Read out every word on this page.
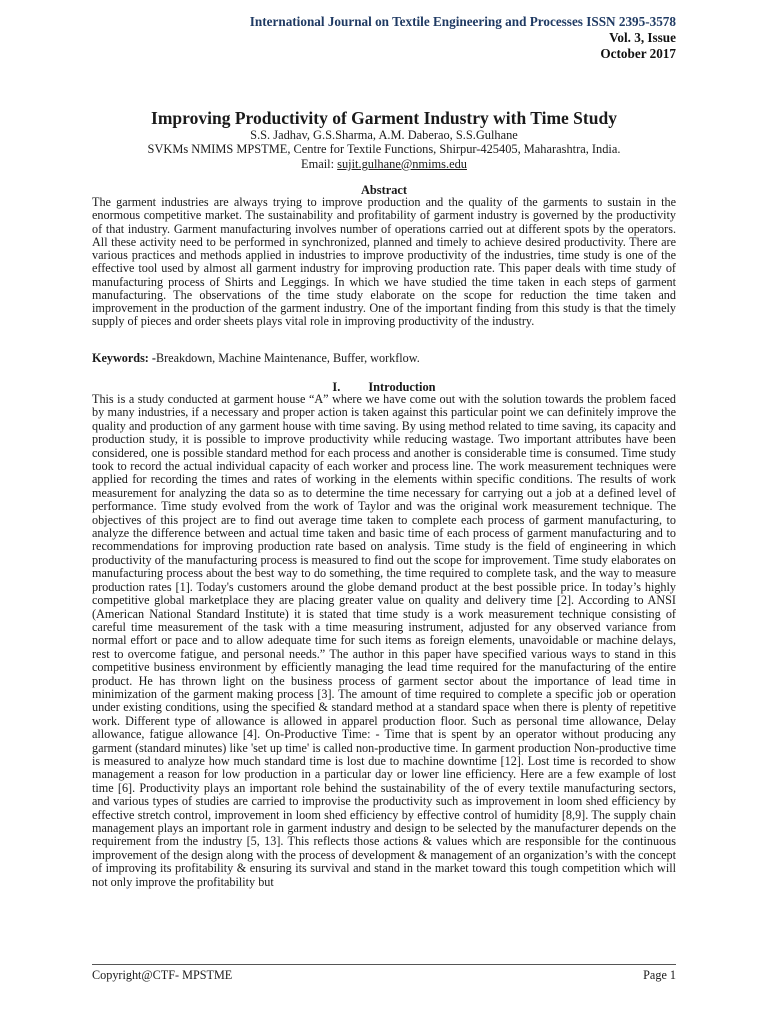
International Journal on Textile Engineering and Processes ISSN 2395-3578
Vol. 3, Issue
October 2017
Improving Productivity of Garment Industry with Time Study
S.S. Jadhav, G.S.Sharma, A.M. Daberao, S.S.Gulhane
SVKMs NMIMS MPSTME, Centre for Textile Functions, Shirpur-425405, Maharashtra, India.
Email: sujit.gulhane@nmims.edu
Abstract

The garment industries are always trying to improve production and the quality of the garments to sustain in the enormous competitive market. The sustainability and profitability of garment industry is governed by the productivity of that industry. Garment manufacturing involves number of operations carried out at different spots by the operators. All these activity need to be performed in synchronized, planned and timely to achieve desired productivity. There are various practices and methods applied in industries to improve productivity of the industries, time study is one of the effective tool used by almost all garment industry for improving production rate. This paper deals with time study of manufacturing process of Shirts and Leggings. In which we have studied the time taken in each steps of garment manufacturing. The observations of the time study elaborate on the scope for reduction the time taken and improvement in the production of the garment industry. One of the important finding from this study is that the timely supply of pieces and order sheets plays vital role in improving productivity of the industry.

Keywords: -Breakdown, Machine Maintenance, Buffer, workflow.
I. Introduction

This is a study conducted at garment house “A” where we have come out with the solution towards the problem faced by many industries, if a necessary and proper action is taken against this particular point we can definitely improve the quality and production of any garment house with time saving. By using method related to time saving, its capacity and production study, it is possible to improve productivity while reducing wastage. Two important attributes have been considered, one is possible standard method for each process and another is considerable time is consumed. Time study took to record the actual individual capacity of each worker and process line. The work measurement techniques were applied for recording the times and rates of working in the elements within specific conditions. The results of work measurement for analyzing the data so as to determine the time necessary for carrying out a job at a defined level of performance. Time study evolved from the work of Taylor and was the original work measurement technique. The objectives of this project are to find out average time taken to complete each process of garment manufacturing, to analyze the difference between and actual time taken and basic time of each process of garment manufacturing and to recommendations for improving production rate based on analysis. Time study is the field of engineering in which productivity of the manufacturing process is measured to find out the scope for improvement. Time study elaborates on manufacturing process about the best way to do something, the time required to complete task, and the way to measure production rates [1]. Today's customers around the globe demand product at the best possible price. In today’s highly competitive global marketplace they are placing greater value on quality and delivery time [2]. According to ANSI (American National Standard Institute) it is stated that time study is a work measurement technique consisting of careful time measurement of the task with a time measuring instrument, adjusted for any observed variance from normal effort or pace and to allow adequate time for such items as foreign elements, unavoidable or machine delays, rest to overcome fatigue, and personal needs.” The author in this paper have specified various ways to stand in this competitive business environment by efficiently managing the lead time required for the manufacturing of the entire product. He has thrown light on the business process of garment sector about the importance of lead time in minimization of the garment making process [3]. The amount of time required to complete a specific job or operation under existing conditions, using the specified & standard method at a standard space when there is plenty of repetitive work. Different type of allowance is allowed in apparel production floor. Such as personal time allowance, Delay allowance, fatigue allowance [4]. On-Productive Time: - Time that is spent by an operator without producing any garment (standard minutes) like 'set up time' is called non-productive time. In garment production Non-productive time is measured to analyze how much standard time is lost due to machine downtime [12]. Lost time is recorded to show management a reason for low production in a particular day or lower line efficiency. Here are a few example of lost time [6]. Productivity plays an important role behind the sustainability of the of every textile manufacturing sectors, and various types of studies are carried to improvise the productivity such as improvement in loom shed efficiency by effective stretch control, improvement in loom shed efficiency by effective control of humidity [8,9]. The supply chain management plays an important role in garment industry and design to be selected by the manufacturer depends on the requirement from the industry [5, 13]. This reflects those actions & values which are responsible for the continuous improvement of the design along with the process of development & management of an organization’s with the concept of improving its profitability & ensuring its survival and stand in the market toward this tough competition which will not only improve the profitability but

Copyright@CTF- MPSTME	Page 1
